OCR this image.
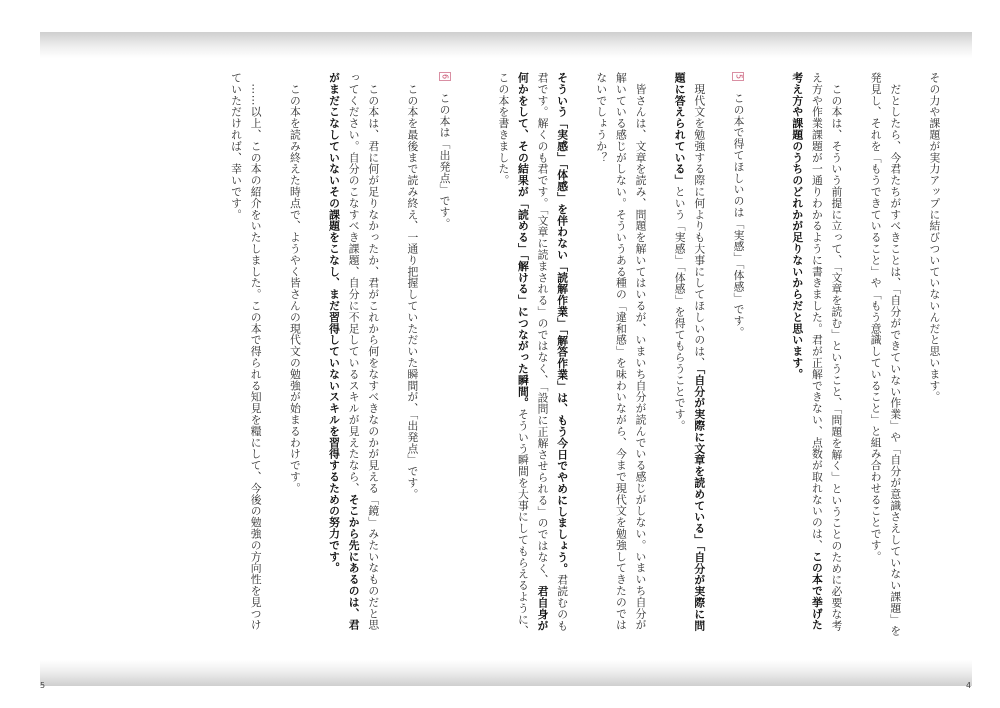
その力や課題が実力アップに結びついていないんだと思います。

　だとしたら、今君たちがすべきことは、「自分ができていない作業」や「自分が意識さえしていない課題」を発見し、それを「もうできていること」や「もう意識していること」と組み合わせることです。

　この本は、そういう前提に立って、「文章を読む」ということ、「問題を解く」ということのために必要な考え方や作業課題が一通りわかるように書きました。君が正解できない、点数が取れないのは、この本で挙げた考え方や課題のうちのどれかが足りないからだと思います。

5　この本で得てほしいのは「実感」「体感」です。

　現代文を勉強する際に何よりも大事にしてほしいのは、「自分が実際に文章を読めている」「自分が実際に問題に答えられている」という「実感」「体感」を得てもらうことです。

　皆さんは、文章を読み、問題を解いてはいるが、いまいち自分が読んでいる感じがしない。いまいち自分が解いている感じがしない。そういうある種の「違和感」を味わいながら、今まで現代文を勉強してきたのではないでしょうか？

そういう「実感」「体感」を伴わない「読解作業」「解答作業」は、もう今日でやめにしましょう。君読むのも君です。解くのも君です。「文章に読まされる」のではなく、「設問に正解させられる」のではなく、君自身が何かをして、その結果が「読める」「解ける」につながった瞬間。そういう瞬間を大事にしてもらえるように、この本を書きました。

6　この本は「出発点」です。

　この本を最後まで読み終え、一通り把握していただいた瞬間が、「出発点」です。

　この本は、君に何が足りなかったか、君がこれから何をなすべきなのかが見える「鏡」みたいなものだと思ってください。自分のこなすべき課題、自分に不足しているスキルが見えたなら、そこから先にあるのは、君がまだこなしていないその課題をこなし、まだ習得していないスキルを習得するための努力です。

　この本を読み終えた時点で、ようやく皆さんの現代文の勉強が始まるわけです。

　……以上、この本の紹介をいたしました。この本で得られる知見を糧にして、今後の勉強の方向性を見つけていただければ、幸いです。

5	4
